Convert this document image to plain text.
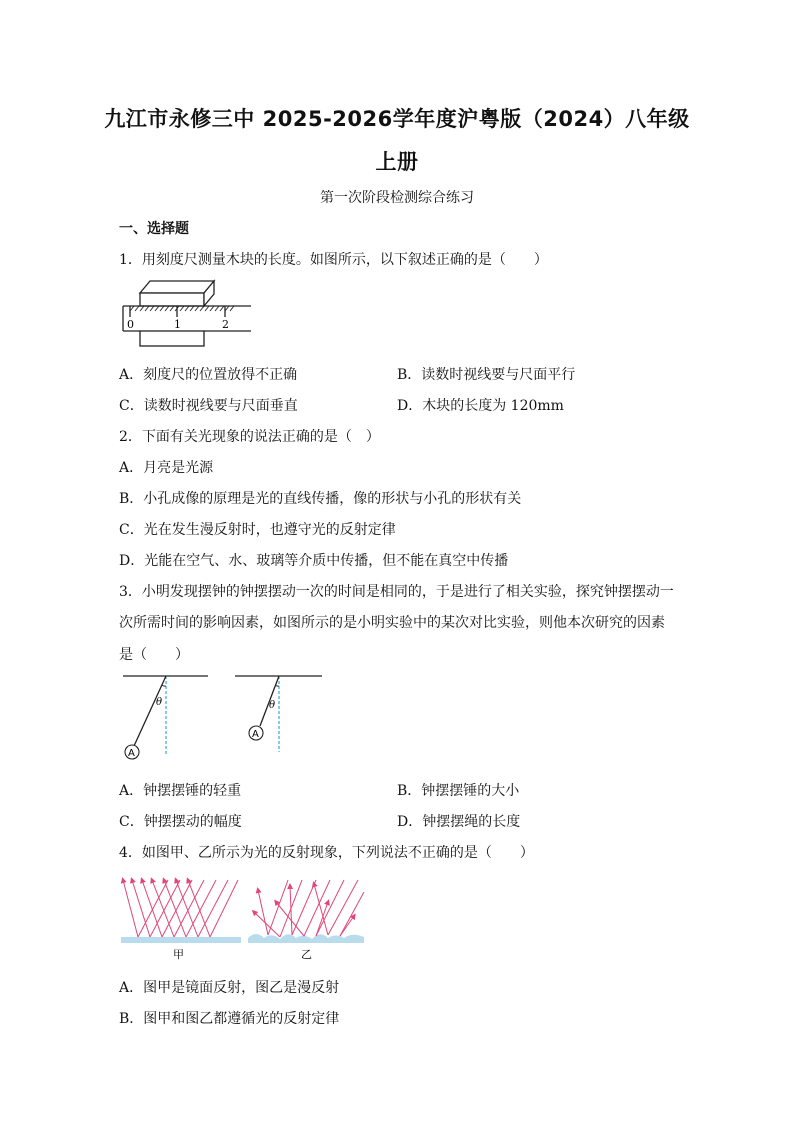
九江市永修三中 2025-2026学年度沪粤版（2024）八年级
上册
第一次阶段检测综合练习
一、选择题
1．用刻度尺测量木块的长度。如图所示，以下叙述正确的是（　　）
0	1	2
A．刻度尺的位置放得不正确	B．读数时视线要与尺面平行
C．读数时视线要与尺面垂直	D．木块的长度为 120mm
2．下面有关光现象的说法正确的是（　）
A．月亮是光源
B．小孔成像的原理是光的直线传播，像的形状与小孔的形状有关
C．光在发生漫反射时，也遵守光的反射定律
D．光能在空气、水、玻璃等介质中传播，但不能在真空中传播
3．小明发现摆钟的钟摆摆动一次的时间是相同的，于是进行了相关实验，探究钟摆摆动一
次所需时间的影响因素，如图所示的是小明实验中的某次对比实验，则他本次研究的因素
是（　　）
θ
A
θ
A
A．钟摆摆锤的轻重	B．钟摆摆锤的大小
C．钟摆摆动的幅度	D．钟摆摆绳的长度
4．如图甲、乙所示为光的反射现象，下列说法不正确的是（　　）
甲	乙
A．图甲是镜面反射，图乙是漫反射
B．图甲和图乙都遵循光的反射定律
